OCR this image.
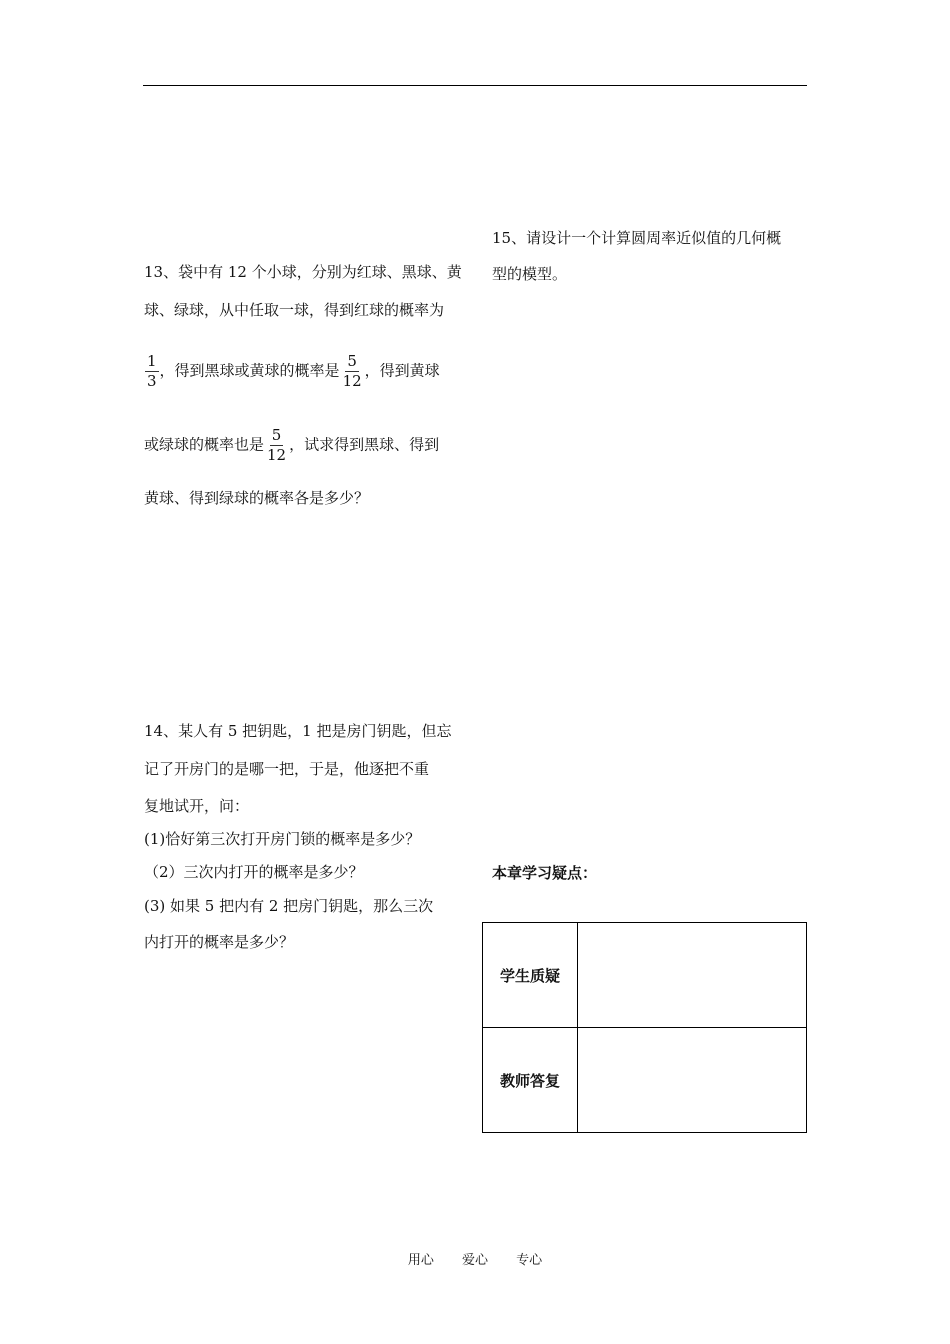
13、袋中有 12 个小球，分别为红球、黑球、黄
球、绿球，从中任取一球，得到红球的概率为
$\frac{1}{3}$ ，得到黑球或黄球的概率是 $\frac{5}{12}$ ，得到黄球
或绿球的概率也是 $\frac{5}{12}$ ，试求得到黑球、得到
黄球、得到绿球的概率各是多少？
14、某人有 5 把钥匙，1 把是房门钥匙，但忘
记了开房门的是哪一把，于是，他逐把不重
复地试开，问：
(1)恰好第三次打开房门锁的概率是多少？
（2）三次内打开的概率是多少？
(3) 如果 5 把内有 2 把房门钥匙，那么三次
内打开的概率是多少？
15、请设计一个计算圆周率近似值的几何概
型的模型。
本章学习疑点：
学生质疑	
教师答复	
用心 爱心 专心
